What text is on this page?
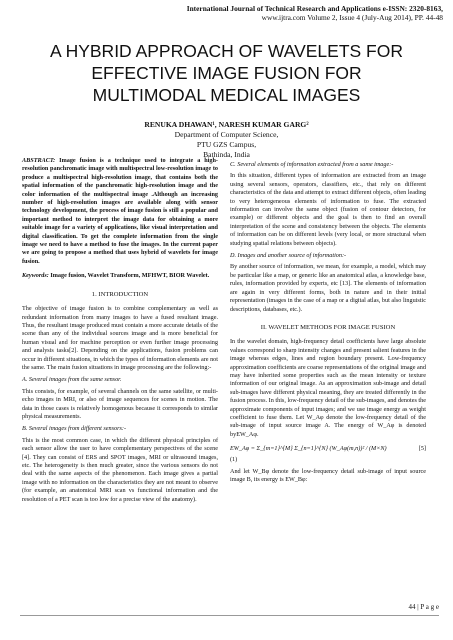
International Journal of Technical Research and Applications e-ISSN: 2320-8163,
www.ijtra.com Volume 2, Issue 4 (July-Aug 2014), PP. 44-48
A HYBRID APPROACH OF WAVELETS FOR
EFFECTIVE IMAGE FUSION FOR
MULTIMODAL MEDICAL IMAGES
RENUKA DHAWAN¹, NARESH KUMAR GARG²
Department of Computer Science,
PTU GZS Campus,
Bathinda, India

ABSTRACT: Image fusion is a technique used to integrate a high-resolution panchromatic image with multispectral low-resolution image to produce a multispectral high-resolution image, that contains both the spatial information of the panchromatic high-resolution image and the color information of the multispectral image .Although an increasing number of high-resolution images are available along with sensor technology development, the process of image fusion is still a popular and important method to interpret the image data for obtaining a more suitable image for a variety of applications, like visual interpretation and digital classification. To get the complete information from the single image we need to have a method to fuse the images. In the current paper we are going to propose a method that uses hybrid of wavelets for image fusion.

Keywords: Image fusion, Wavelet Transform, MFHWT, BIOR Wavelet.

1. INTRODUCTION

The objective of image fusion is to combine complementary as well as redundant information from many images to have a fused resultant image. Thus, the resultant image produced must contain a more accurate details of the scene than any of the individual sources image and is more beneficial for human visual and for machine perception or even further image processing and analysis tasks[2]. Depending on the applications, fusion problems can occur in different situations, in which the types of information elements are not the same. The main fusion situations in image processing are the following:-

A. Several images from the same sensor.

This consists, for example, of several channels on the same satellite, or multi-echo images in MRI, or also of image sequences for scenes in motion. The data in those cases is relatively homogenous because it corresponds to similar physical measurements.

B. Several images from different sensors:-

This is the most common case, in which the different physical principles of each sensor allow the user to have complementary perspectives of the scene [4]. They can consist of ERS and SPOT images, MRI or ultrasound images, etc. The heterogeneity is then much greater, since the various sensors do not deal with the same aspects of the phenomenon. Each image gives a partial image with no information on the characteristics they are not meant to observe (for example, an anatomical MRI scan vs functional information and the resolution of a PET scan is too low for a precise view of the anatomy).

C. Several elements of information extracted from a same image:-

In this situation, different types of information are extracted from an image using several sensors, operators, classifiers, etc., that rely on different characteristics of the data and attempt to extract different objects, often leading to very heterogeneous elements of information to fuse. The extracted information can involve the same object (fusion of contour detectors, for example) or different objects and the goal is then to find an overall interpretation of the scene and consistency between the objects. The elements of information can be on different levels (very local, or more structural when studying spatial relations between objects).

D. Images and another source of information:-

By another source of information, we mean, for example, a model, which may be particular like a map, or generic like an anatomical atlas, a knowledge base, rules, information provided by experts, etc [13]. The elements of information are again in very different forms, both in nature and in their initial representation (images in the case of a map or a digital atlas, but also linguistic descriptions, databases, etc.).

II. WAVELET METHODS FOR IMAGE FUSION

In the wavelet domain, high-frequency detail coefficients have large absolute values correspond to sharp intensity changes and present salient features in the image whereas edges, lines and region boundary present. Low-frequency approximation coefficients are coarse representations of the original image and may have inherited some properties such as the mean intensity or texture information of our original image. As an approximation sub-image and detail sub-images have different physical meaning, they are treated differently in the fusion process. In this, low-frequency detail of the sub-images, and denotes the approximate components of input images; and we use image energy as weight coefficient to fuse them. Let W_Aφ denote the low-frequency detail of the sub-image of input source image A. The energy of W_Aφ is denoted byEW_Aφ.

EW_Aφ = Σ_{m=1}^{M} Σ_{n=1}^{N} (W_Aφ(m,n))² / (M×N)	[5]
(1)

And let W_Bφ denote the low-frequency detail sub-image of input source image B, its energy is EW_Bφ:

44 | P a g e
